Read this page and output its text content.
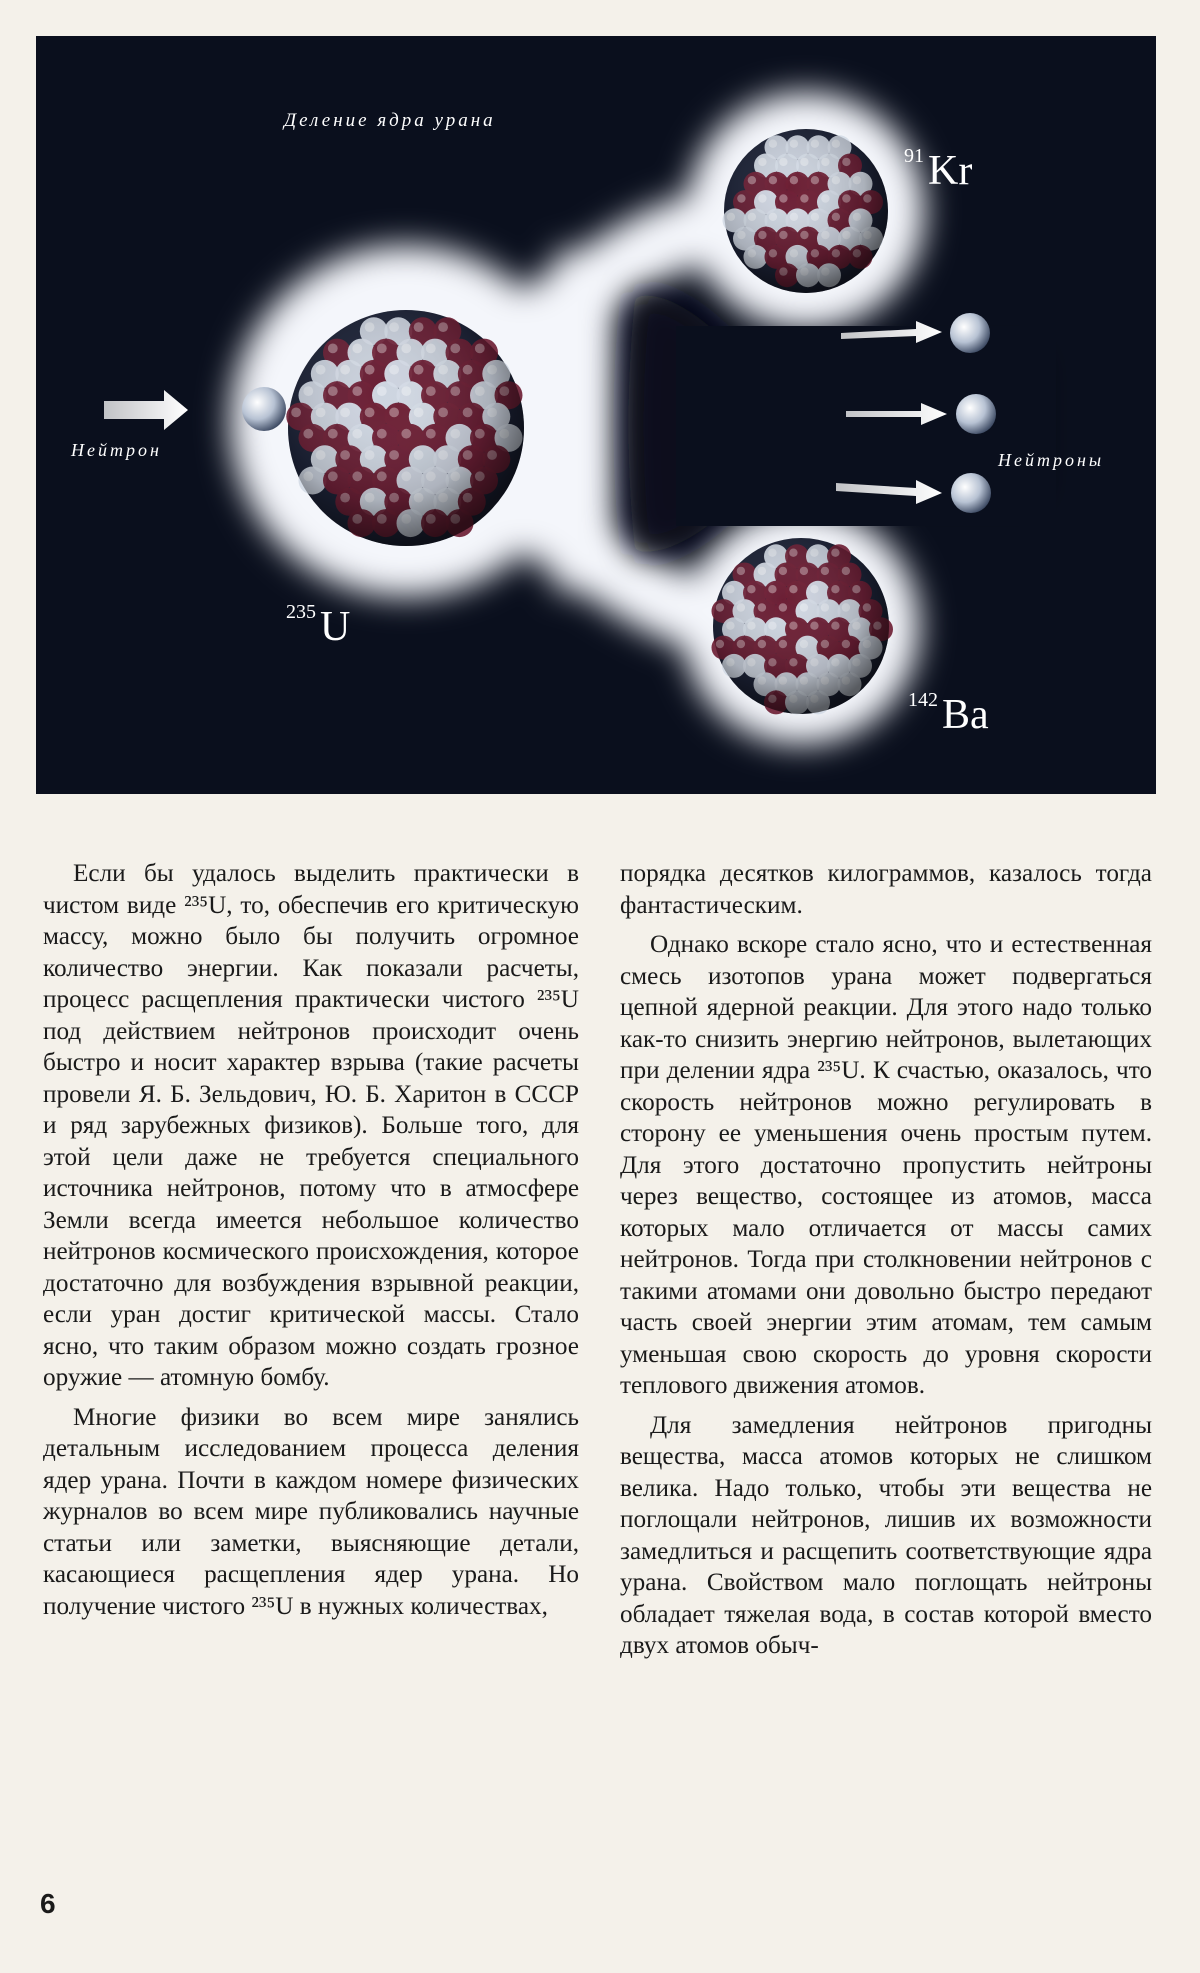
Деление ядра урана
Нейтрон	Нейтроны
$^{91}$Kr
$^{235}$U
$^{142}$Ba

Если бы удалось выделить практически в чистом виде ²³⁵U, то, обеспечив его критическую массу, можно было бы получить огромное количество энергии. Как показали расчеты, процесс расщепления практически чистого ²³⁵U под действием нейтронов происходит очень быстро и носит характер взрыва (такие расчеты провели Я. Б. Зельдович, Ю. Б. Харитон в СССР и ряд зарубежных физиков). Больше того, для этой цели даже не требуется специального источника нейтронов, потому что в атмосфере Земли всегда имеется небольшое количество нейтронов космического происхождения, которое достаточно для возбуждения взрывной реакции, если уран достиг критической массы. Стало ясно, что таким образом можно создать грозное оружие — атомную бомбу.

Многие физики во всем мире занялись детальным исследованием процесса деления ядер урана. Почти в каждом номере физических журналов во всем мире публиковались научные статьи или заметки, выясняющие детали, касающиеся расщепления ядер урана. Но получение чистого ²³⁵U в нужных количествах,

порядка десятков килограммов, казалось тогда фантастическим.

Однако вскоре стало ясно, что и естественная смесь изотопов урана может подвергаться цепной ядерной реакции. Для этого надо только как-то снизить энергию нейтронов, вылетающих при делении ядра ²³⁵U. К счастью, оказалось, что скорость нейтронов можно регулировать в сторону ее уменьшения очень простым путем. Для этого достаточно пропустить нейтроны через вещество, состоящее из атомов, масса которых мало отличается от массы самих нейтронов. Тогда при столкновении нейтронов с такими атомами они довольно быстро передают часть своей энергии этим атомам, тем самым уменьшая свою скорость до уровня скорости теплового движения атомов.

Для замедления нейтронов пригодны вещества, масса атомов которых не слишком велика. Надо только, чтобы эти вещества не поглощали нейтронов, лишив их возможности замедлиться и расщепить соответствующие ядра урана. Свойством мало поглощать нейтроны обладает тяжелая вода, в состав которой вместо двух атомов обыч-

6
